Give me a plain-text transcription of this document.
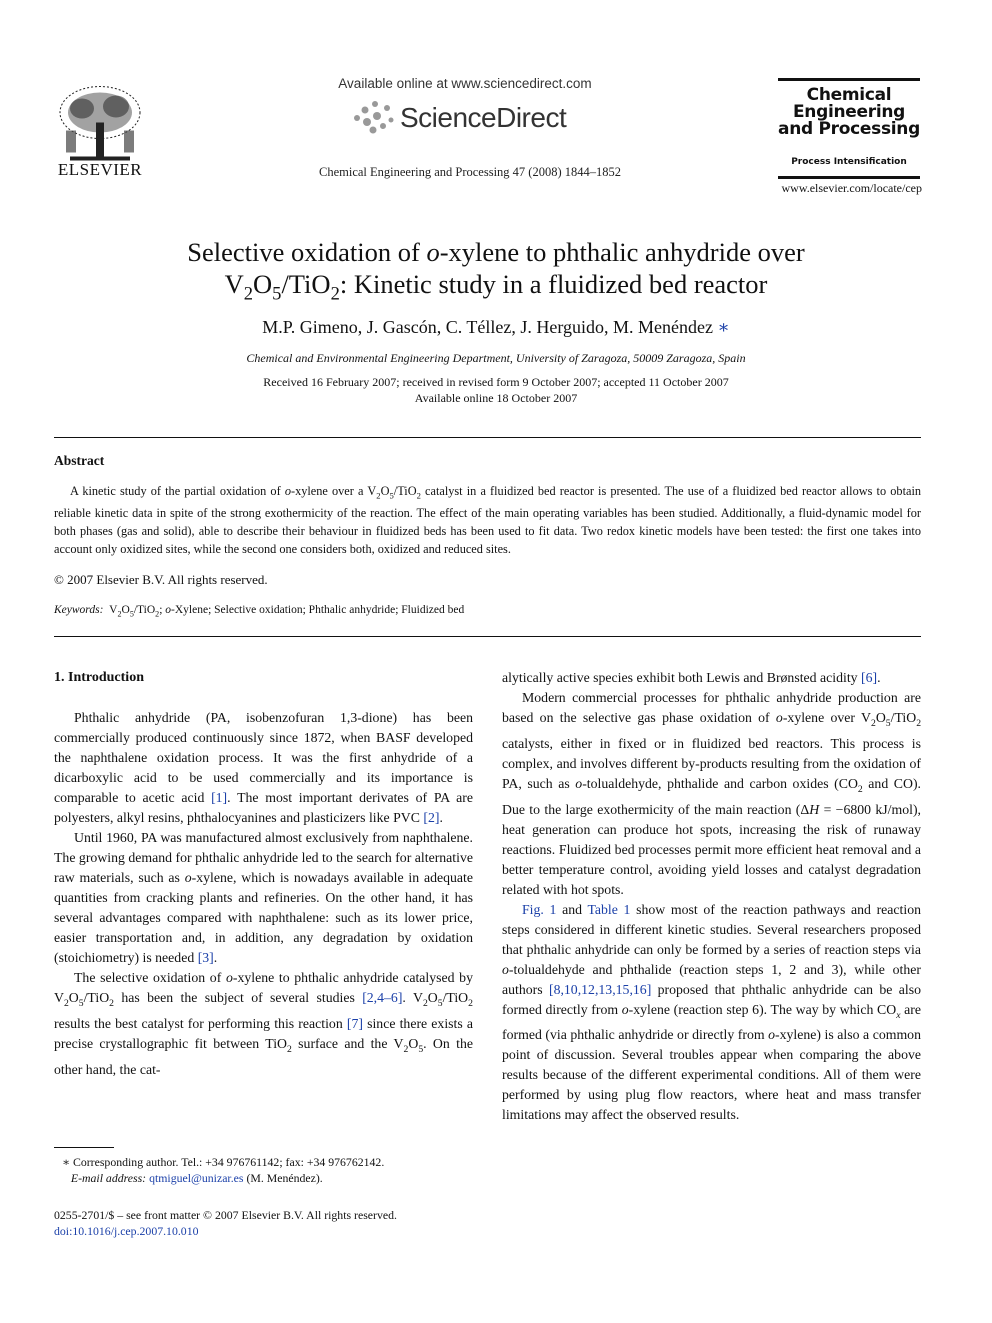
ELSEVIER
Available online at www.sciencedirect.com
ScienceDirect
Chemical Engineering and Processing 47 (2008) 1844–1852
Chemical Engineering and Processing
Process Intensification
www.elsevier.com/locate/cep
Selective oxidation of o-xylene to phthalic anhydride over
$V_2O_5/TiO_2$: Kinetic study in a fluidized bed reactor
M.P. Gimeno, J. Gascón, C. Téllez, J. Herguido, M. Menéndez ∗
Chemical and Environmental Engineering Department, University of Zaragoza, 50009 Zaragoza, Spain
Received 16 February 2007; received in revised form 9 October 2007; accepted 11 October 2007
Available online 18 October 2007
Abstract
A kinetic study of the partial oxidation of o-xylene over a $V_2O_5/TiO_2$ catalyst in a fluidized bed reactor is presented. The use of a fluidized bed reactor allows to obtain reliable kinetic data in spite of the strong exothermicity of the reaction. The effect of the main operating variables has been studied. Additionally, a fluid-dynamic model for both phases (gas and solid), able to describe their behaviour in fluidized beds has been used to fit data. Two redox kinetic models have been tested: the first one takes into account only oxidized sites, while the second one considers both, oxidized and reduced sites.
© 2007 Elsevier B.V. All rights reserved.
Keywords:  $V_2O_5/TiO_2$; o-Xylene; Selective oxidation; Phthalic anhydride; Fluidized bed

1. Introduction

Phthalic anhydride (PA, isobenzofuran 1,3-dione) has been commercially produced continuously since 1872, when BASF developed the naphthalene oxidation process. It was the first anhydride of a dicarboxylic acid to be used commercially and its importance is comparable to acetic acid [1]. The most important derivates of PA are polyesters, alkyl resins, phthalocyanines and plasticizers like PVC [2].

Until 1960, PA was manufactured almost exclusively from naphthalene. The growing demand for phthalic anhydride led to the search for alternative raw materials, such as o-xylene, which is nowadays available in adequate quantities from cracking plants and refineries. On the other hand, it has several advantages compared with naphthalene: such as its lower price, easier transportation and, in addition, any degradation by oxidation (stoichiometry) is needed [3].

The selective oxidation of o-xylene to phthalic anhydride catalysed by $V_2O_5/TiO_2$ has been the subject of several studies [2,4–6]. $V_2O_5/TiO_2$ results the best catalyst for performing this reaction [7] since there exists a precise crystallographic fit between TiO$_2$ surface and the $V_2O_5$. On the other hand, the cat-

alytically active species exhibit both Lewis and Brønsted acidity [6].

Modern commercial processes for phthalic anhydride production are based on the selective gas phase oxidation of o-xylene over $V_2O_5/TiO_2$ catalysts, either in fixed or in fluidized bed reactors. This process is complex, and involves different by-products resulting from the oxidation of PA, such as o-tolualdehyde, phthalide and carbon oxides ($CO_2$ and CO). Due to the large exothermicity of the main reaction (ΔH = −6800 kJ/mol), heat generation can produce hot spots, increasing the risk of runaway reactions. Fluidized bed processes permit more efficient heat removal and a better temperature control, avoiding yield losses and catalyst degradation related with hot spots.

Fig. 1 and Table 1 show most of the reaction pathways and reaction steps considered in different kinetic studies. Several researchers proposed that phthalic anhydride can only be formed by a series of reaction steps via o-tolualdehyde and phthalide (reaction steps 1, 2 and 3), while other authors [8,10,12,13,15,16] proposed that phthalic anhydride can be also formed directly from o-xylene (reaction step 6). The way by which $CO_x$ are formed (via phthalic anhydride or directly from o-xylene) is also a common point of discussion. Several troubles appear when comparing the above results because of the different experimental conditions. All of them were performed by using plug flow reactors, where heat and mass transfer limitations may affect the observed results.

∗ Corresponding author. Tel.: +34 976761142; fax: +34 976762142.
E-mail address: qtmiguel@unizar.es (M. Menéndez).
0255-2701/$ – see front matter © 2007 Elsevier B.V. All rights reserved.
doi:10.1016/j.cep.2007.10.010
